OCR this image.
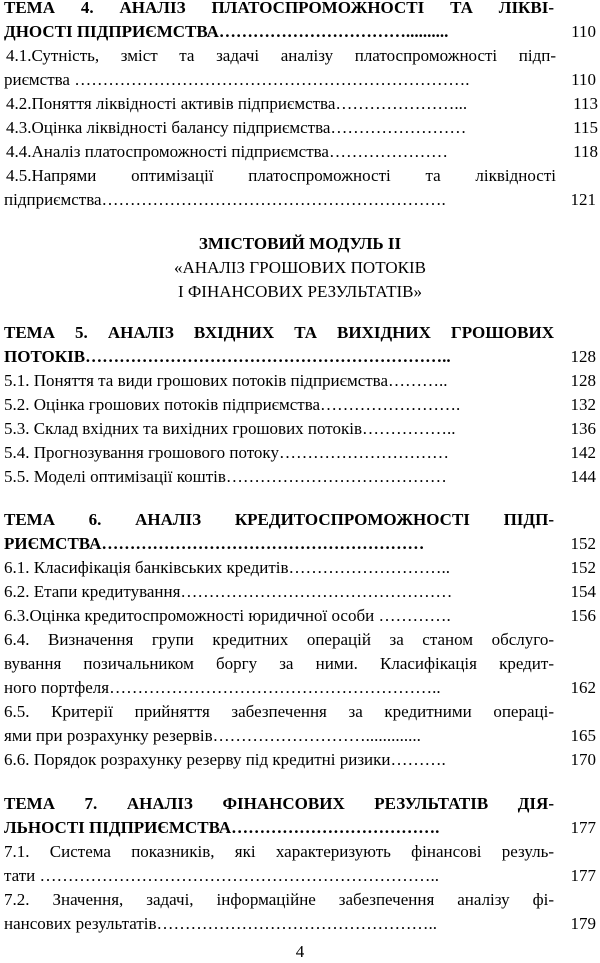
ТЕМА 4. АНАЛІЗ ПЛАТОСПРОМОЖНОСТІ ТА ЛІКВІ-
ДНОСТІ ПІДПРИЄМСТВА……………………………..........	110
4.1.Сутність, зміст та задачі аналізу платоспроможності підп-
риємства …………………………………………………………….	110
4.2.Поняття ліквідності активів підприємства…………………...	113
4.3.Оцінка ліквідності балансу підприємства……………………	115
4.4.Аналіз платоспроможності підприємства…………………	118
4.5.Напрями оптимізації платоспроможності та ліквідності
підприємства…………………………………………………….	121
ЗМІСТОВИЙ МОДУЛЬ ІІ
«АНАЛІЗ ГРОШОВИХ ПОТОКІВ
І ФІНАНСОВИХ РЕЗУЛЬТАТІВ»
ТЕМА 5. АНАЛІЗ ВХІДНИХ ТА ВИХІДНИХ ГРОШОВИХ
ПОТОКІВ………………………………………………………..	128
5.1. Поняття та види грошових потоків підприємства………..	128
5.2. Оцінка грошових потоків підприємства…………………….	132
5.3. Склад вхідних та вихідних грошових потоків……………..	136
5.4. Прогнозування грошового потоку…………………………	142
5.5. Моделі оптимізації коштів…………………………………	144
ТЕМА 6. АНАЛІЗ КРЕДИТОСПРОМОЖНОСТІ ПІДП-
РИЄМСТВА…………………………………………………	152
6.1. Класифікація банківських кредитів………………………..	152
6.2. Етапи кредитування…………………………………………	154
6.3.Оцінка кредитоспроможності юридичної особи ………….	156
6.4. Визначення групи кредитних операцій за станом обслуго-
вування позичальником боргу за ними. Класифікація кредит-
ного портфеля…………………………………………………..	162
6.5. Критерії прийняття забезпечення за кредитними операці-
ями при розрахунку резервів……………………….............	165
6.6. Порядок розрахунку резерву під кредитні ризики……….	170
ТЕМА 7. АНАЛІЗ ФІНАНСОВИХ РЕЗУЛЬТАТІВ ДІЯ-
ЛЬНОСТІ ПІДПРИЄМСТВА……………………………….	177
7.1. Система показників, які характеризують фінансові резуль-
тати ……………………………………………………………..	177
7.2. Значення, задачі, інформаційне забезпечення аналізу фі-
нансових результатів…………………………………………..	179
4
